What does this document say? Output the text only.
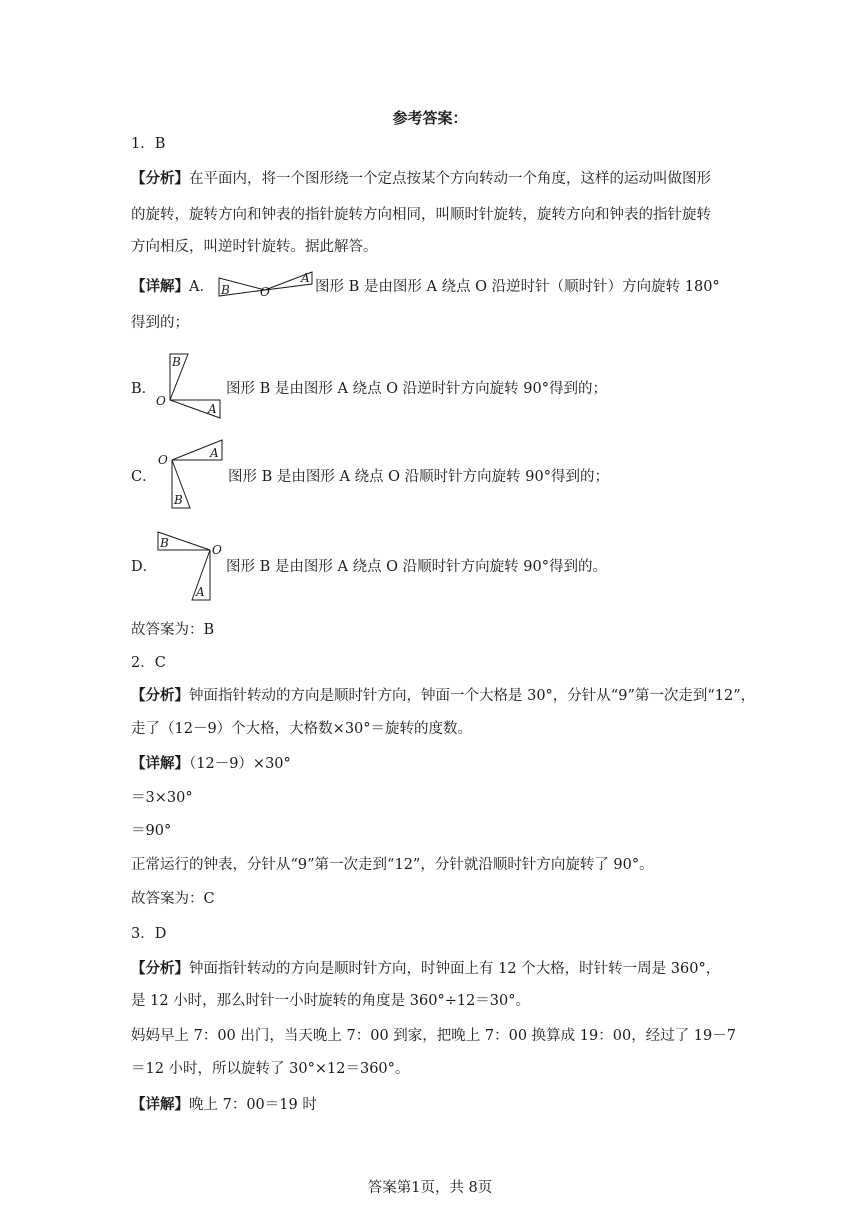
参考答案：
1．B
【分析】在平面内，将一个图形绕一个定点按某个方向转动一个角度，这样的运动叫做图形
的旋转，旋转方向和钟表的指针旋转方向相同，叫顺时针旋转，旋转方向和钟表的指针旋转
方向相反，叫逆时针旋转。据此解答。
【详解】A． B	O
A
图形 B 是由图形 A 绕点 O 沿逆时针（顺时针）方向旋转 180°
得到的；
B．
B
O
A
图形 B 是由图形 A 绕点 O 沿逆时针方向旋转 90°得到的；
C．
O	A
B
图形 B 是由图形 A 绕点 O 沿顺时针方向旋转 90°得到的；
D．
B	O
A
图形 B 是由图形 A 绕点 O 沿顺时针方向旋转 90°得到的。
故答案为：B
2．C
【分析】钟面指针转动的方向是顺时针方向，钟面一个大格是 30°，分针从“9”第一次走到“12”，
走了（12－9）个大格，大格数×30°＝旋转的度数。
【详解】（12－9）×30°
＝3×30°
＝90°
正常运行的钟表，分针从“9”第一次走到“12”，分针就沿顺时针方向旋转了 90°。
故答案为：C
3．D
【分析】钟面指针转动的方向是顺时针方向，时钟面上有 12 个大格，时针转一周是 360°，
是 12 小时，那么时针一小时旋转的角度是 360°÷12＝30°。
妈妈早上 7：00 出门，当天晚上 7：00 到家，把晚上 7：00 换算成 19：00，经过了 19－7
＝12 小时，所以旋转了 30°×12＝360°。
【详解】晚上 7：00＝19 时
答案第1页，共 8页
